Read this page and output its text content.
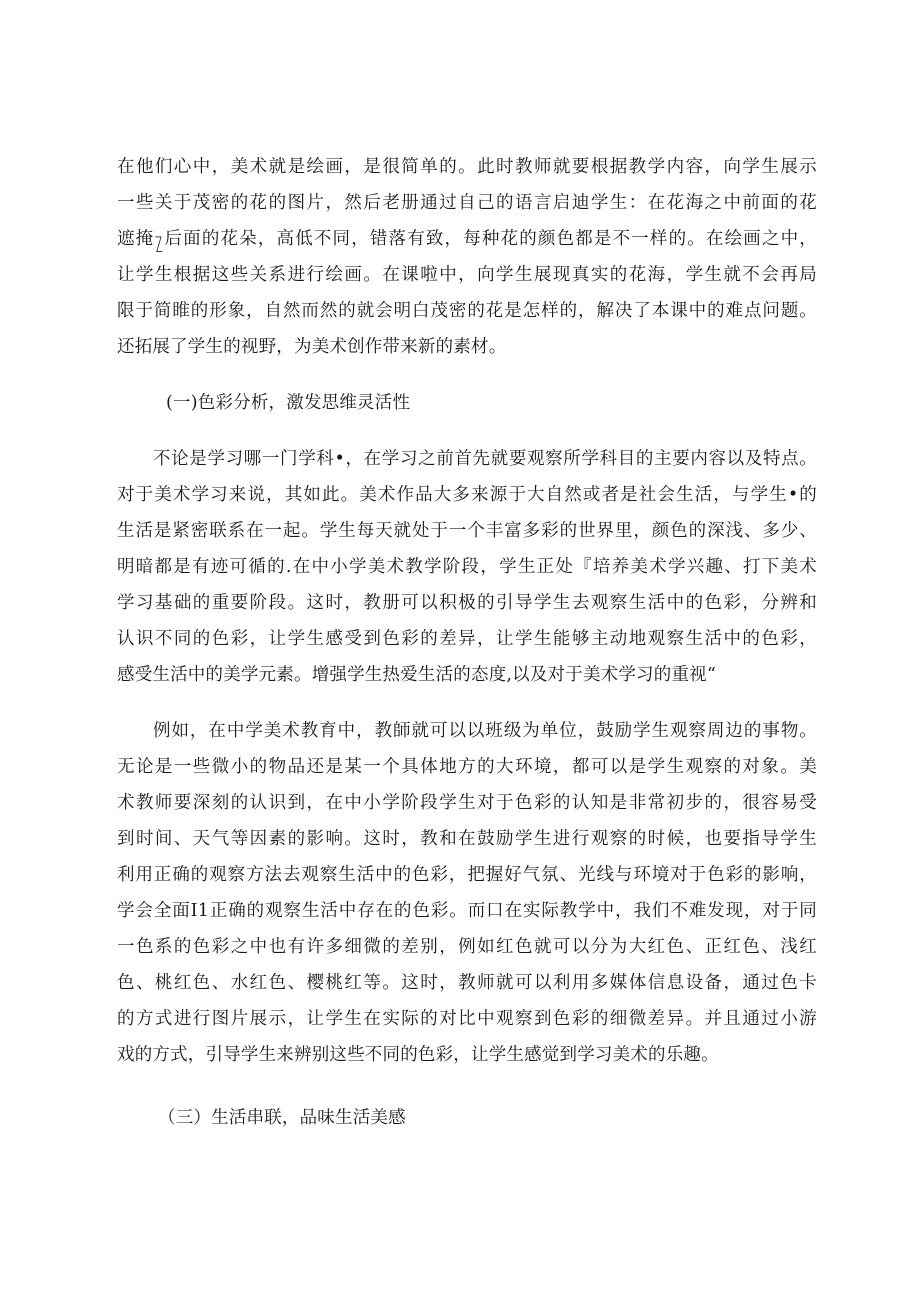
在他们心中，美术就是绘画，是很简单的。此时教师就要根据教学内容，向学生展示
一些关于茂密的花的图片，然后老册通过自己的语言启迪学生：在花海之中前面的花
遮掩႗后面的花朵，高低不同，错落有致，每种花的颜色都是不一样的。在绘画之中，
让学生根据这些关系进行绘画。在课啦中，向学生展现真实的花海，学生就不会再局
限于简睢的形象，自然而然的就会明白茂密的花是怎样的，解决了本课中的难点问题。
还拓展了学生的视野，为美术创作带来新的素材。
(一)色彩分析，激发思维灵活性
不论是学习哪一门学科•，在学习之前首先就要观察所学科目的主要内容以及特点。
对于美术学习来说，其如此。美术作品大多来源于大自然或者是社会生活，与学生•的
生活是紧密联系在一起。学生每天就处于一个丰富多彩的世界里，颜色的深浅、多少、
明暗都是有迹可循的.在中小学美术教学阶段，学生正处『培养美术学兴趣、打下美术
学习基础的重要阶段。这时，教册可以积极的引导学生去观察生活中的色彩，分辨和
认识不同的色彩，让学生感受到色彩的差异，让学生能够主动地观察生活中的色彩，
感受生活中的美学元素。增强学生热爱生活的态度,以及对于美术学习的重视“
例如，在中学美术教育中，教師就可以以班级为单位，鼓励学生观察周边的事物。
无论是一些微小的物品还是某一个具体地方的大环境，都可以是学生观察的对象。美
术教师要深刻的认识到，在中小学阶段学生对于色彩的认知是非常初步的，很容易受
到时间、天气等因素的影响。这时，教和在鼓励学生进行观察的时候，也要指导学生
利用正确的观察方法去观察生活中的色彩，把握好气氛、光线与环境对于色彩的影响，
学会全面I1正确的观察生活中存在的色彩。而口在实际教学中，我们不难发现，对于同
一色系的色彩之中也有许多细微的差别，例如红色就可以分为大红色、正红色、浅红
色、桃红色、水红色、樱桃红等。这时，教师就可以利用多媒体信息设备，通过色卡
的方式进行图片展示，让学生在实际的对比中观察到色彩的细微差异。并且通过小游
戏的方式，引导学生来辨别这些不同的色彩，让学生感觉到学习美术的乐趣。
（三）生活串联，品味生活美感
